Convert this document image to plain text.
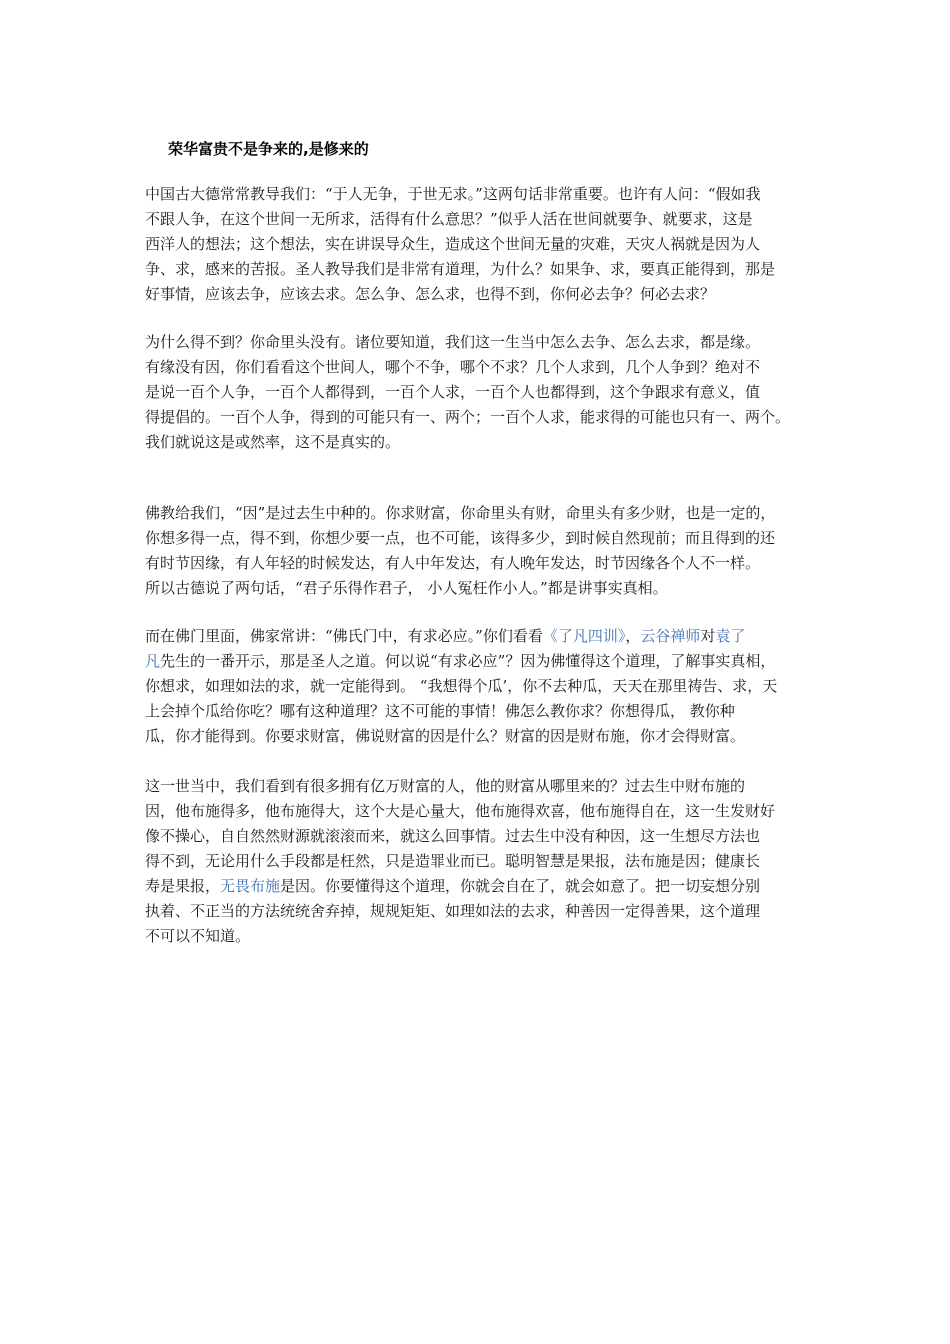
荣华富贵不是争来的,是修来的
中国古大德常常教导我们：“于人无争，于世无求。”这两句话非常重要。也许有人问：“假如我
不跟人争，在这个世间一无所求，活得有什么意思？”似乎人活在世间就要争、就要求，这是
西洋人的想法；这个想法，实在讲误导众生，造成这个世间无量的灾难，天灾人祸就是因为人
争、求，感来的苦报。圣人教导我们是非常有道理，为什么？如果争、求，要真正能得到，那是
好事情，应该去争，应该去求。怎么争、怎么求，也得不到，你何必去争？何必去求？
为什么得不到？你命里头没有。诸位要知道，我们这一生当中怎么去争、怎么去求，都是缘。
有缘没有因，你们看看这个世间人，哪个不争，哪个不求？几个人求到，几个人争到？绝对不
是说一百个人争，一百个人都得到，一百个人求，一百个人也都得到，这个争跟求有意义，值
得提倡的。一百个人争，得到的可能只有一、两个；一百个人求，能求得的可能也只有一、两个。
我们就说这是或然率，这不是真实的。
佛教给我们，“因”是过去生中种的。你求财富，你命里头有财，命里头有多少财，也是一定的，
你想多得一点，得不到，你想少要一点，也不可能，该得多少，到时候自然现前；而且得到的还
有时节因缘，有人年轻的时候发达，有人中年发达，有人晚年发达，时节因缘各个人不一样。
所以古德说了两句话，“君子乐得作君子， 小人冤枉作小人。”都是讲事实真相。
而在佛门里面，佛家常讲：“佛氏门中，有求必应。”你们看看《了凡四训》，云谷禅师对袁了
凡先生的一番开示，那是圣人之道。何以说“有求必应”？因为佛懂得这个道理，了解事实真相，
你想求，如理如法的求，就一定能得到。 “我想得个瓜’，你不去种瓜，天天在那里祷告、求，天
上会掉个瓜给你吃？哪有这种道理？这不可能的事情！佛怎么教你求？你想得瓜， 教你种
瓜，你才能得到。你要求财富，佛说财富的因是什么？财富的因是财布施，你才会得财富。
这一世当中，我们看到有很多拥有亿万财富的人，他的财富从哪里来的？过去生中财布施的
因，他布施得多，他布施得大，这个大是心量大，他布施得欢喜，他布施得自在，这一生发财好
像不操心，自自然然财源就滚滚而来，就这么回事情。过去生中没有种因，这一生想尽方法也
得不到，无论用什么手段都是枉然，只是造罪业而已。聪明智慧是果报，法布施是因；健康长
寿是果报，无畏布施是因。你要懂得这个道理，你就会自在了，就会如意了。把一切妄想分别
执着、不正当的方法统统舍弃掉，规规矩矩、如理如法的去求，种善因一定得善果，这个道理
不可以不知道。
